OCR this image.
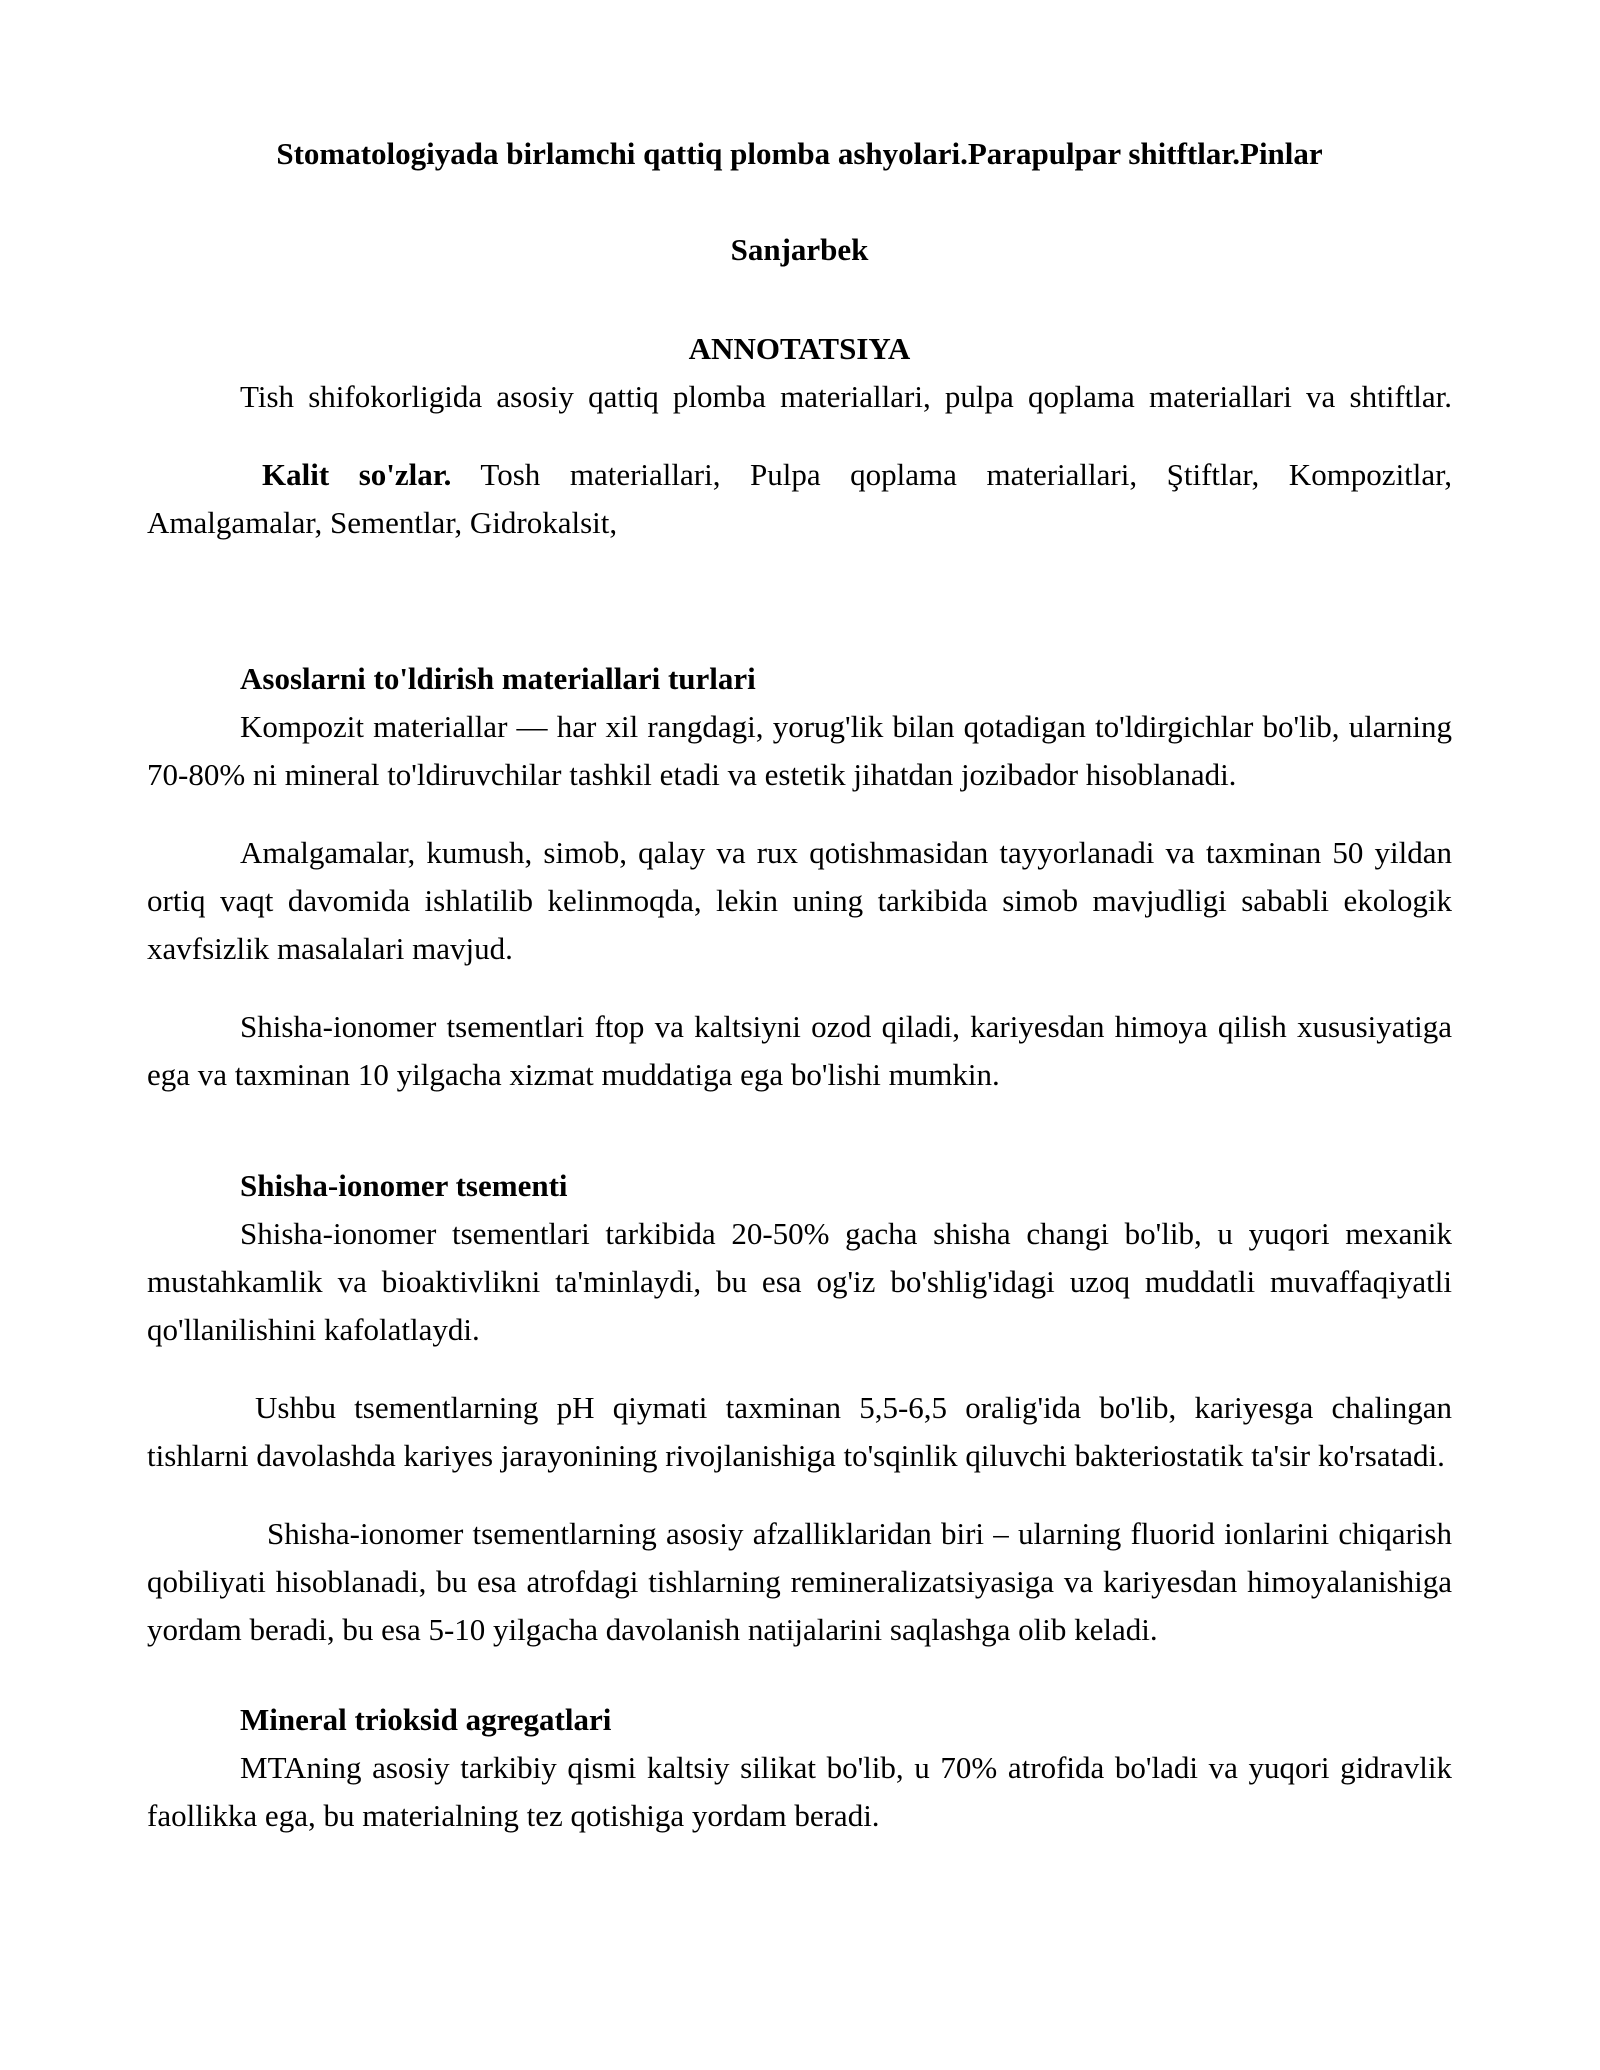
Stomatologiyada birlamchi qattiq plomba ashyolari.Parapulpar shitftlar.Pinlar
Sanjarbek
ANNOTATSIYA

Tish shifokorligida asosiy qattiq plomba materiallari, pulpa qoplama materiallari va shtiftlar.

Kalit so'zlar. Tosh materiallari, Pulpa qoplama materiallari, Ştiftlar, Kompozitlar, Amalgamalar, Sementlar, Gidrokalsit,

Asoslarni to'ldirish materiallari turlari

Kompozit materiallar — har xil rangdagi, yorug'lik bilan qotadigan to'ldirgichlar bo'lib, ularning 70-80% ni mineral to'ldiruvchilar tashkil etadi va estetik jihatdan jozibador hisoblanadi.

Amalgamalar, kumush, simob, qalay va rux qotishmasidan tayyorlanadi va taxminan 50 yildan ortiq vaqt davomida ishlatilib kelinmoqda, lekin uning tarkibida simob mavjudligi sababli ekologik xavfsizlik masalalari mavjud.

Shisha-ionomer tsementlari ftop va kaltsiyni ozod qiladi, kariyesdan himoya qilish xususiyatiga ega va taxminan 10 yilgacha xizmat muddatiga ega bo'lishi mumkin.

Shisha-ionomer tsementi

Shisha-ionomer tsementlari tarkibida 20-50% gacha shisha changi bo'lib, u yuqori mexanik mustahkamlik va bioaktivlikni ta'minlaydi, bu esa og'iz bo'shlig'idagi uzoq muddatli muvaffaqiyatli qo'llanilishini kafolatlaydi.

Ushbu tsementlarning pH qiymati taxminan 5,5-6,5 oralig'ida bo'lib, kariyesga chalingan tishlarni davolashda kariyes jarayonining rivojlanishiga to'sqinlik qiluvchi bakteriostatik ta'sir ko'rsatadi.

Shisha-ionomer tsementlarning asosiy afzalliklaridan biri – ularning fluorid ionlarini chiqarish qobiliyati hisoblanadi, bu esa atrofdagi tishlarning remineralizatsiyasiga va kariyesdan himoyalanishiga yordam beradi, bu esa 5-10 yilgacha davolanish natijalarini saqlashga olib keladi.

Mineral trioksid agregatlari

MTAning asosiy tarkibiy qismi kaltsiy silikat bo'lib, u 70% atrofida bo'ladi va yuqori gidravlik faollikka ega, bu materialning tez qotishiga yordam beradi.
